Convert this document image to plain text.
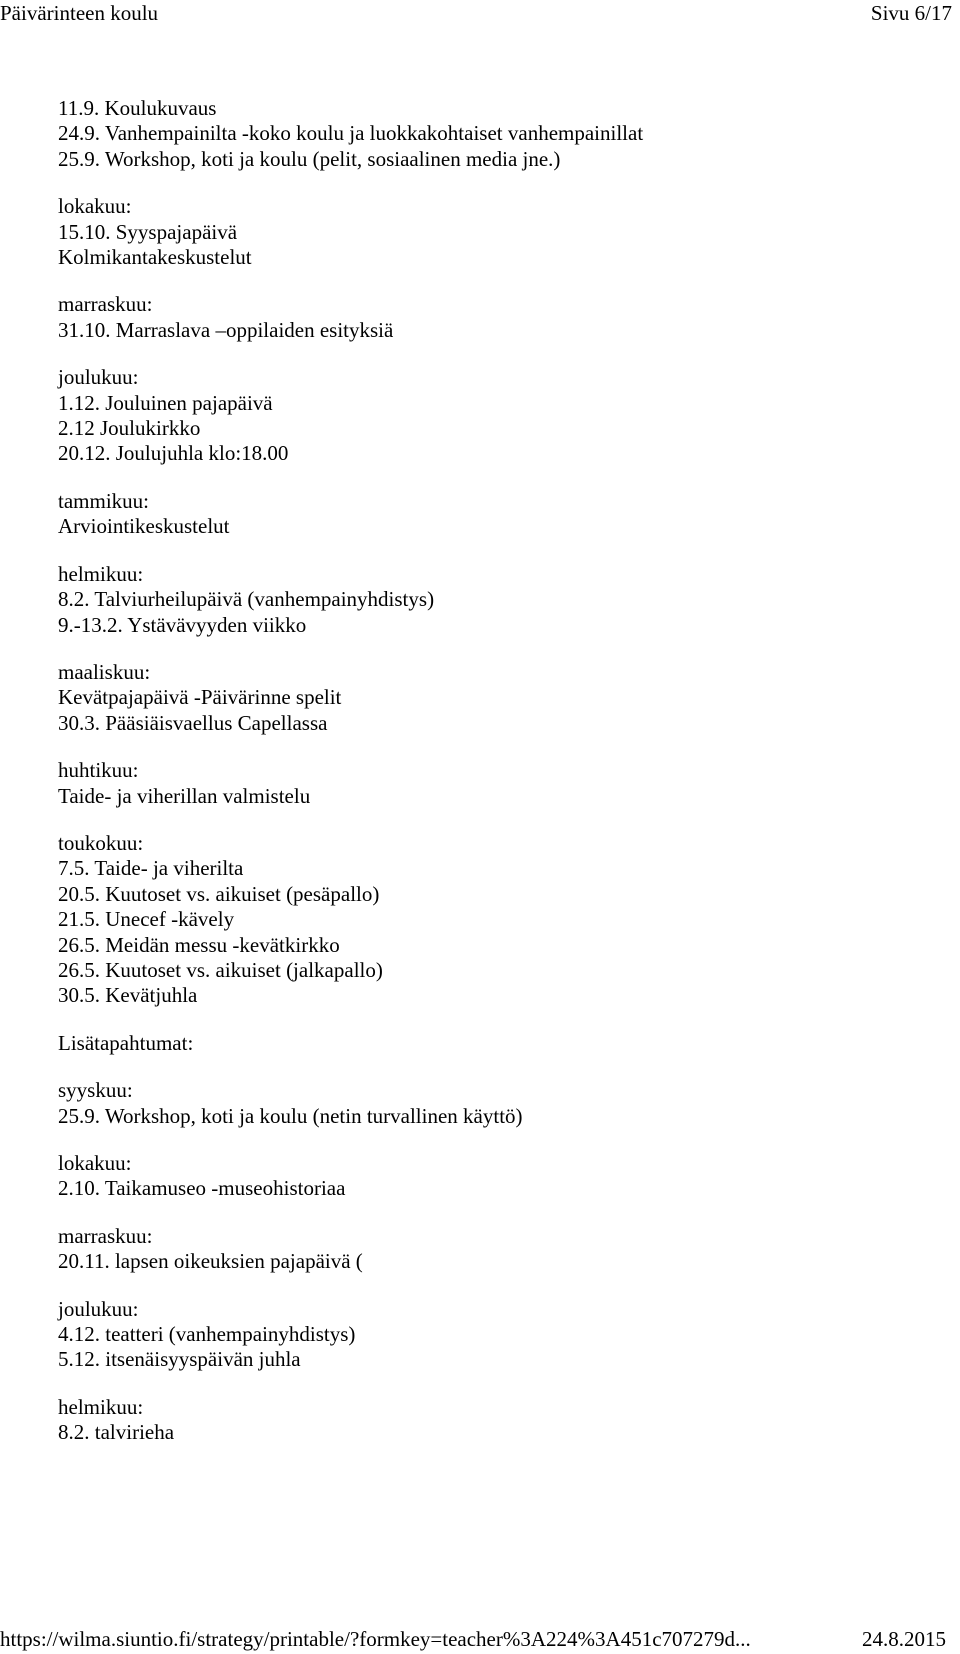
Päivärinteen koulu	Sivu 6/17
11.9. Koulukuvaus
24.9. Vanhempainilta -koko koulu ja luokkakohtaiset vanhempainillat
25.9. Workshop, koti ja koulu (pelit, sosiaalinen media jne.)
lokakuu:
15.10. Syyspajapäivä
Kolmikantakeskustelut
marraskuu:
31.10. Marraslava –oppilaiden esityksiä
joulukuu:
1.12. Jouluinen pajapäivä
2.12 Joulukirkko
20.12. Joulujuhla klo:18.00
tammikuu:
Arviointikeskustelut
helmikuu:
8.2. Talviurheilupäivä (vanhempainyhdistys)
9.-13.2. Ystävävyyden viikko
maaliskuu:
Kevätpajapäivä -Päivärinne spelit
30.3. Pääsiäisvaellus Capellassa
huhtikuu:
Taide- ja viherillan valmistelu
toukokuu:
7.5. Taide- ja viherilta
20.5. Kuutoset vs. aikuiset (pesäpallo)
21.5. Unecef -kävely
26.5. Meidän messu -kevätkirkko
26.5. Kuutoset vs. aikuiset (jalkapallo)
30.5. Kevätjuhla
Lisätapahtumat:
syyskuu:
25.9. Workshop, koti ja koulu (netin turvallinen käyttö)
lokakuu:
2.10. Taikamuseo -museohistoriaa
marraskuu:
20.11. lapsen oikeuksien pajapäivä (
joulukuu:
4.12. teatteri (vanhempainyhdistys)
5.12. itsenäisyyspäivän juhla
helmikuu:
8.2. talvirieha
https://wilma.siuntio.fi/strategy/printable/?formkey=teacher%3A224%3A451c707279d...	24.8.2015
